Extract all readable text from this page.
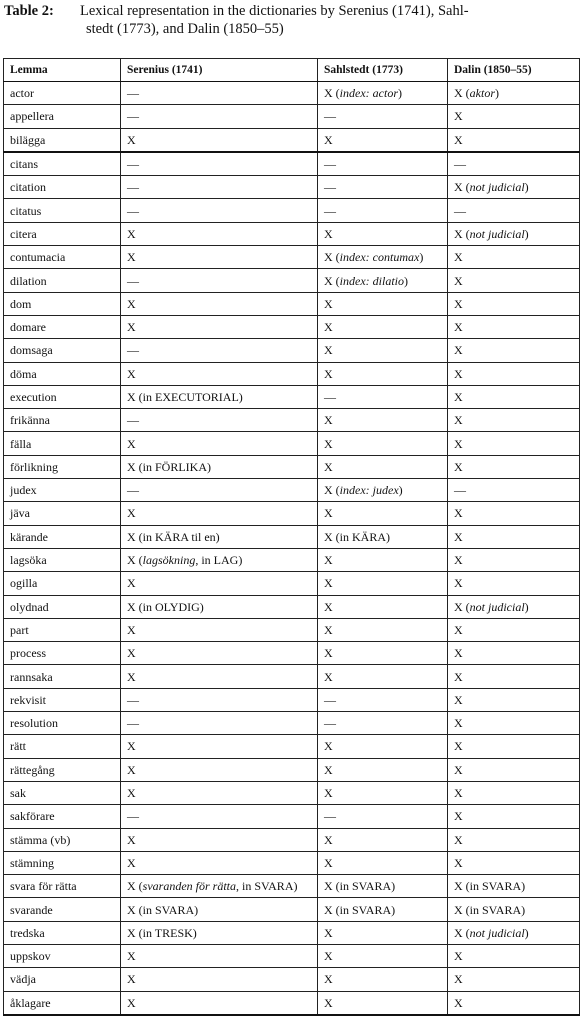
Table 2: Lexical representation in the dictionaries by Serenius (1741), Sahl-
stedt (1773), and Dalin (1850–55)
Lemma	Serenius (1741)	Sahlstedt (1773)	Dalin (1850–55)
actor	—	X (index: actor)	X (aktor)
appellera	—	—	X
bilägga	X	X	X
citans	—	—	—
citation	—	—	X (not judicial)
citatus	—	—	—
citera	X	X	X (not judicial)
contumacia	X	X (index: contumax)	X
dilation	—	X (index: dilatio)	X
dom	X	X	X
domare	X	X	X
domsaga	—	X	X
döma	X	X	X
execution	X (in EXECUTORIAL)	—	X
frikänna	—	X	X
fälla	X	X	X
förlikning	X (in FÖRLIKA)	X	X
judex	—	X (index: judex)	—
jäva	X	X	X
kärande	X (in KÄRA til en)	X (in KÄRA)	X
lagsöka	X (lagsökning, in LAG)	X	X
ogilla	X	X	X
olydnad	X (in OLYDIG)	X	X (not judicial)
part	X	X	X
process	X	X	X
rannsaka	X	X	X
rekvisit	—	—	X
resolution	—	—	X
rätt	X	X	X
rättegång	X	X	X
sak	X	X	X
sakförare	—	—	X
stämma (vb)	X	X	X
stämning	X	X	X
svara för rätta	X (svaranden för rätta, in SVARA)	X (in SVARA)	X (in SVARA)
svarande	X (in SVARA)	X (in SVARA)	X (in SVARA)
tredska	X (in TRESK)	X	X (not judicial)
uppskov	X	X	X
vädja	X	X	X
åklagare	X	X	X
